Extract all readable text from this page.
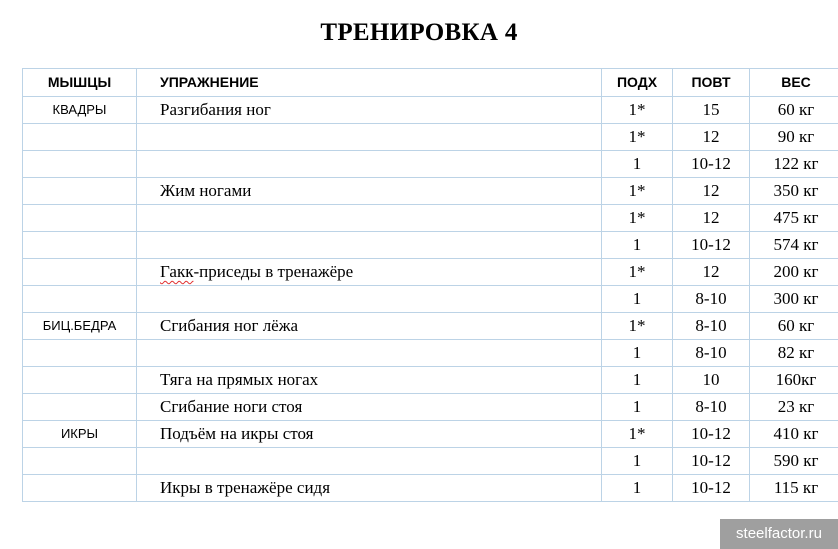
ТРЕНИРОВКА 4
МЫШЦЫ	УПРАЖНЕНИЕ	ПОДХ	ПОВТ	ВЕС
КВАДРЫ	Разгибания ног	1*	15	60 кг
		1*	12	90 кг
		1	10-12	122 кг
	Жим ногами	1*	12	350 кг
		1*	12	475 кг
		1	10-12	574 кг
	Гакк-приседы в тренажёре	1*	12	200 кг
		1	8-10	300 кг
БИЦ.БЕДРА	Сгибания ног лёжа	1*	8-10	60 кг
		1	8-10	82 кг
	Тяга на прямых ногах	1	10	160кг
	Сгибание ноги стоя	1	8-10	23 кг
ИКРЫ	Подъём на икры стоя	1*	10-12	410 кг
		1	10-12	590 кг
	Икры в тренажёре сидя	1	10-12	115 кг
steelfactor.ru
